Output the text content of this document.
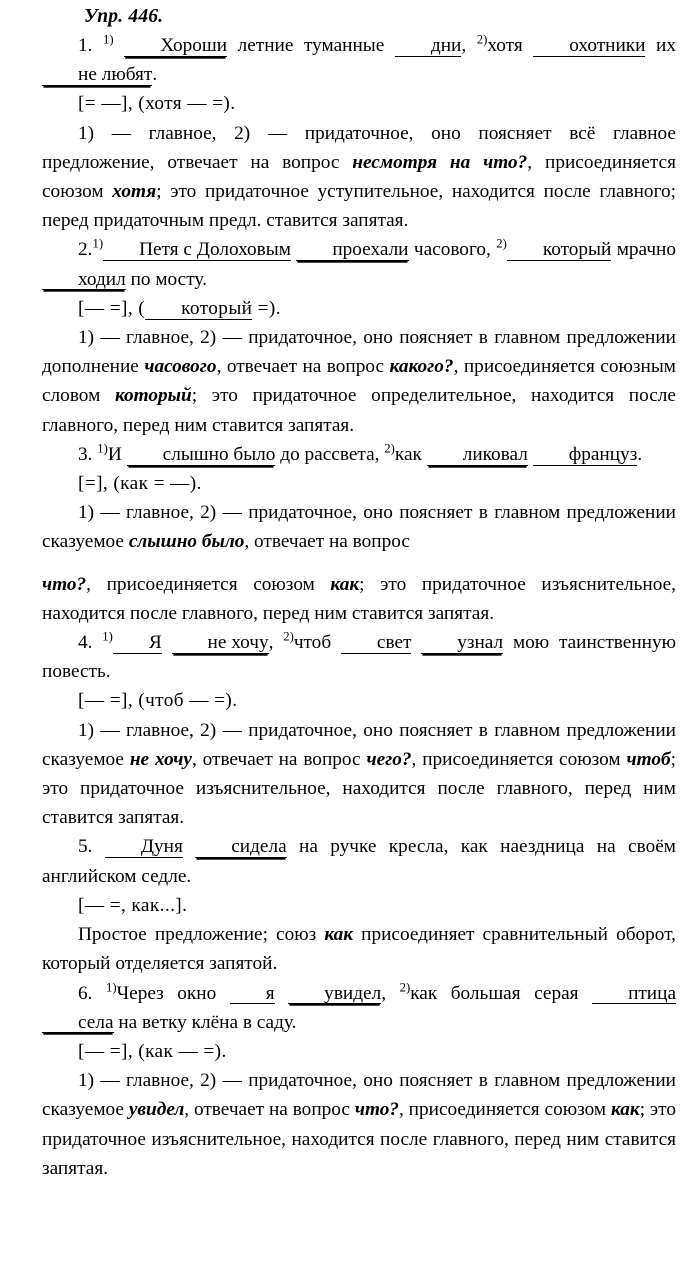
Упр. 446.

1. $^{1)}$ Хороши летние туманные дни, $^{2)}$хотя охотники их не любят.

[= —], (хотя — =).

1) — главное, 2) — придаточное, оно поясняет всё главное предложение, отвечает на вопрос несмотря на что?, присоединяется союзом хотя; это придаточное уступительное, находится после главного; перед придаточным предл. ставится запятая.

2.$^{1)}$ Петя с Долоховым проехали часового, $^{2)}$ который мрачно ходил по мосту.

[— =], ( который =).

1) — главное, 2) — придаточное, оно поясняет в главном предложении дополнение часового, отвечает на вопрос какого?, присоединяется союзным словом который; это придаточное определительное, находится после главного, перед ним ставится запятая.

3. $^{1)}$И слышно было до рассвета, $^{2)}$как ликовал француз.

[=], (как = —).

1) — главное, 2) — придаточное, оно поясняет в главном предложении сказуемое слышно было, отвечает на вопрос

что?, присоединяется союзом как; это придаточное изъяснительное, находится после главного, перед ним ставится запятая.

4. $^{1)}$ Я не хочу, $^{2)}$чтоб свет узнал мою таинственную повесть.

[— =], (чтоб — =).

1) — главное, 2) — придаточное, оно поясняет в главном предложении сказуемое не хочу, отвечает на вопрос чего?, присоединяется союзом чтоб; это придаточное изъяснительное, находится после главного, перед ним ставится запятая.

5.	Дуня	сидела на ручке кресла, как наездница на своём английском седле.

[— =, как...].

Простое предложение; союз как присоединяет сравнительный оборот, который отделяется запятой.

6. $^{1)}$Через окно я	увидел, $^{2)}$как большая серая птица села на ветку клёна в саду.

[— =], (как — =).

1) — главное, 2) — придаточное, оно поясняет в главном предложении сказуемое увидел, отвечает на вопрос что?, присоединяется союзом как; это придаточное изъяснительное, находится после главного, перед ним ставится запятая.
